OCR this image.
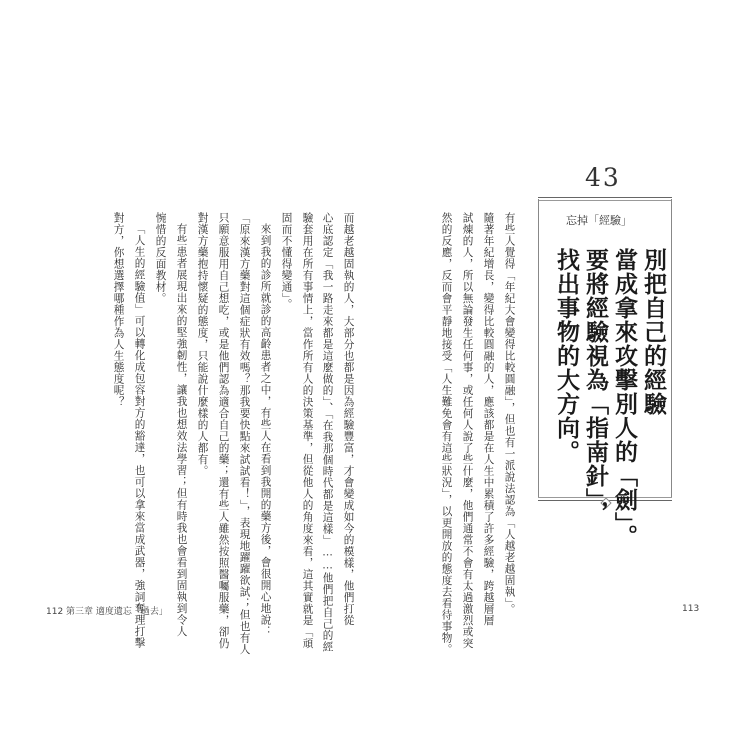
而越老越固執的人，大部分也都是因為經驗豐富，才會變成如今的模樣，他們打從
心底認定「我一路走來都是這麼做的」、「在我那個時代都是這樣」……他們把自己的經
驗套用在所有事情上，當作所有人的決策基準，但從他人的角度來看，這其實就是「頑
固而不懂得變通」。
來到我的診所就診的高齡患者之中，有些人在看到我開的藥方後，會很開心地說：
「原來漢方藥對這個症狀有效嗎？那我要快點來試試看！」，表現地躍躍欲試；但也有人
只願意服用自己想吃，或是他們認為適合自己的藥；還有些人雖然按照醫囑服藥，卻仍
對漢方藥抱持懷疑的態度，只能說什麼樣的人都有。
有些患者展現出來的堅強韌性，讓我也想效法學習；但有時我也會看到固執到令人
惋惜的反面教材。
「人生的經驗值」可以轉化成包容對方的豁達，也可以拿來當成武器，強詞奪理打擊
對方，你想選擇哪種作為人生態度呢？	有些人覺得「年紀大會變得比較圓融」，但也有一派說法認為「人越老越固執」。
隨著年紀增長，變得比較圓融的人，應該都是在人生中累積了許多經驗，跨越層層
試煉的人，所以無論發生任何事，或任何人說了些什麼，他們通常不會有太過激烈或突
然的反應，反而會平靜地接受「人生難免會有這些狀況」，以更開放的態度去看待事物。
43
忘掉「經驗」
別把自己的經驗
當成拿來攻擊別人的「劍」。
要將經驗視為「指南針」，
找出事物的大方向。
112 第三章 適度遺忘「過去」	113
